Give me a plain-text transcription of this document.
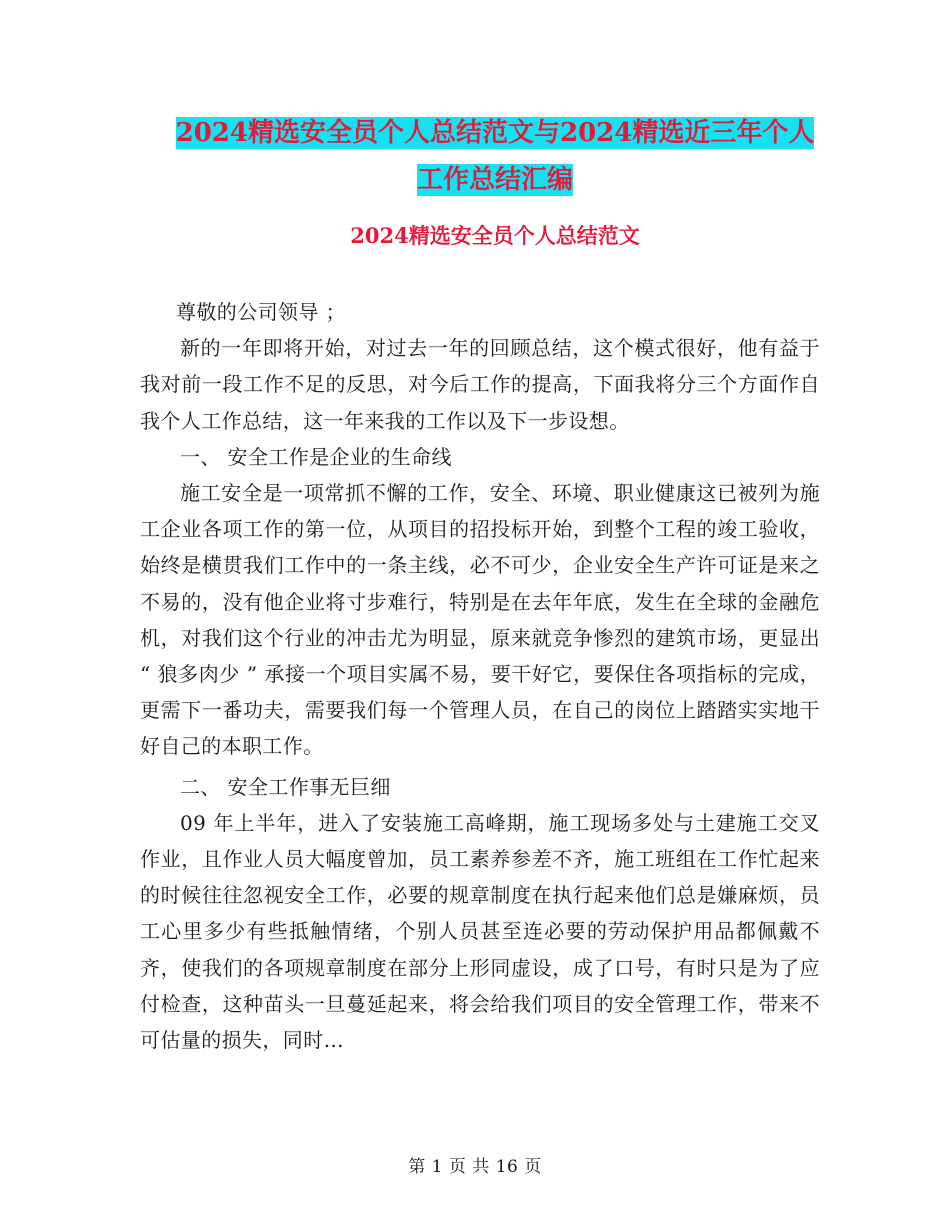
2024精选安全员个人总结范文与2024精选近三年个人
工作总结汇编
2024精选安全员个人总结范文

尊敬的公司领导 ；

新的一年即将开始，对过去一年的回顾总结，这个模式很好，他有益于我对前一段工作不足的反思，对今后工作的提高，下面我将分三个方面作自我个人工作总结，这一年来我的工作以及下一步设想。

一、 安全工作是企业的生命线

施工安全是一项常抓不懈的工作，安全、环境、职业健康这已被列为施工企业各项工作的第一位，从项目的招投标开始，到整个工程的竣工验收，始终是横贯我们工作中的一条主线，必不可少，企业安全生产许可证是来之不易的，没有他企业将寸步难行，特别是在去年年底，发生在全球的金融危机，对我们这个行业的冲击尤为明显，原来就竞争惨烈的建筑市场，更显出 “ 狼多肉少 ” 承接一个项目实属不易，要干好它，要保住各项指标的完成，更需下一番功夫，需要我们每一个管理人员，在自己的岗位上踏踏实实地干好自己的本职工作。

二、 安全工作事无巨细

09 年上半年，进入了安装施工高峰期，施工现场多处与土建施工交叉作业，且作业人员大幅度曾加，员工素养参差不齐，施工班组在工作忙起来的时候往往忽视安全工作，必要的规章制度在执行起来他们总是嫌麻烦，员工心里多少有些抵触情绪，个别人员甚至连必要的劳动保护用品都佩戴不齐，使我们的各项规章制度在部分上形同虚设，成了口号，有时只是为了应付检查，这种苗头一旦蔓延起来，将会给我们项目的安全管理工作，带来不可估量的损失，同时…

第 1 页 共 16 页
